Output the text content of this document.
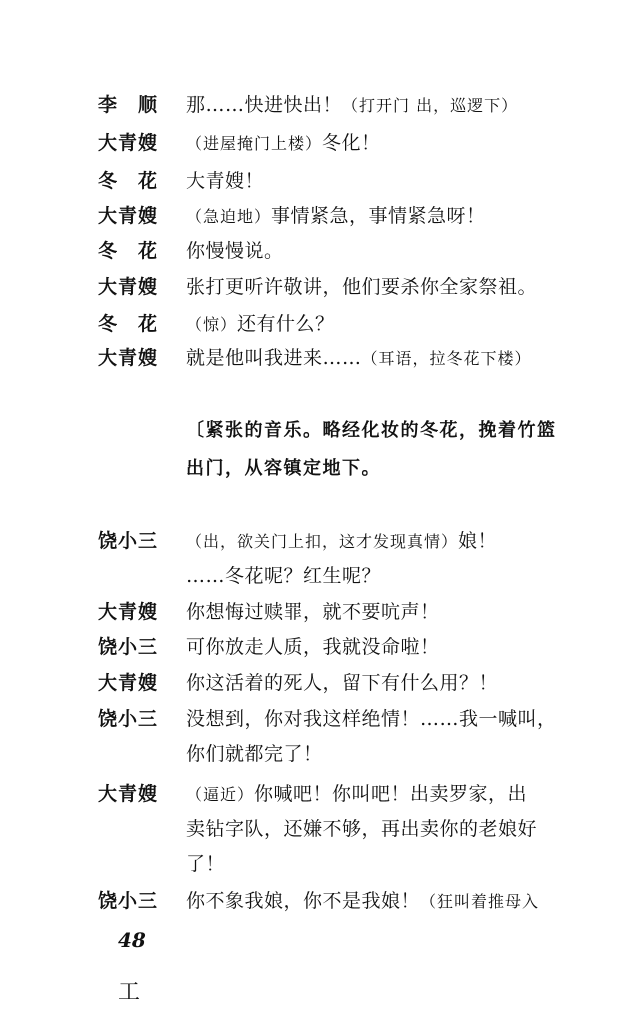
李　顺 那……快进快出！（打开门 出，巡逻下）
大青嫂 （进屋掩门上楼）冬化！
冬　花 大青嫂！
大青嫂 （急迫地）事情紧急，事情紧急呀！
冬　花 你慢慢说。
大青嫂 张打更听许敬讲，他们要杀你全家祭祖。
冬　花 （惊）还有什么？
大青嫂 就是他叫我进来……（耳语，拉冬花下楼）
〔紧张的音乐。略经化妆的冬花，挽着竹篮
出门，从容镇定地下。
饶小三 （出，欲关门上扣，这才发现真情）娘！
……冬花呢？红生呢？
大青嫂 你想悔过赎罪，就不要吭声！
饶小三 可你放走人质，我就没命啦！
大青嫂 你这活着的死人，留下有什么用？！
饶小三 没想到，你对我这样绝情！……我一喊叫，
你们就都完了！
大青嫂 （逼近）你喊吧！你叫吧！出卖罗家，出
卖钻字队，还嫌不够，再出卖你的老娘好
了！
饶小三 你不象我娘，你不是我娘！（狂叫着推母入
48
工
